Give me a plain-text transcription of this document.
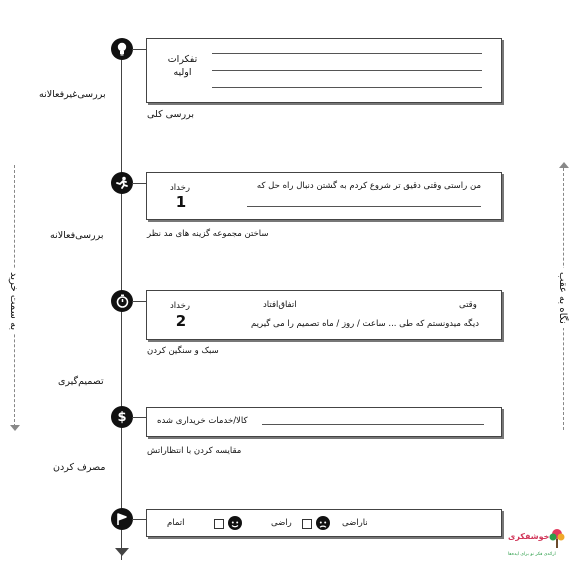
به سمت خرید	نگاه به عقب
بررسی‌غیرفعالانه
بررسی‌فعالانه
تصمیم‌گیری
مصرف کردن
تفکرات
اولیه
بررسی کلی
رخداد
1
من راستی وقتی دقیق تر شروع کردم به گشتن دنبال راه حل که
ساختن مجموعه گزینه های مد نظر
رخداد
2
اتفاق‌افتاد	وقتی
دیگه میدونستم که طی ... ساعت / روز / ماه تصمیم را می گیریم
سبک و سنگین کردن
$	کالا/خدمات خریداری شده
مقایسه کردن با انتظاراتش
اتمام	راضی	ناراضی
خوشفکری
ارائه‌ی فکر نو برای ایده‌ها
